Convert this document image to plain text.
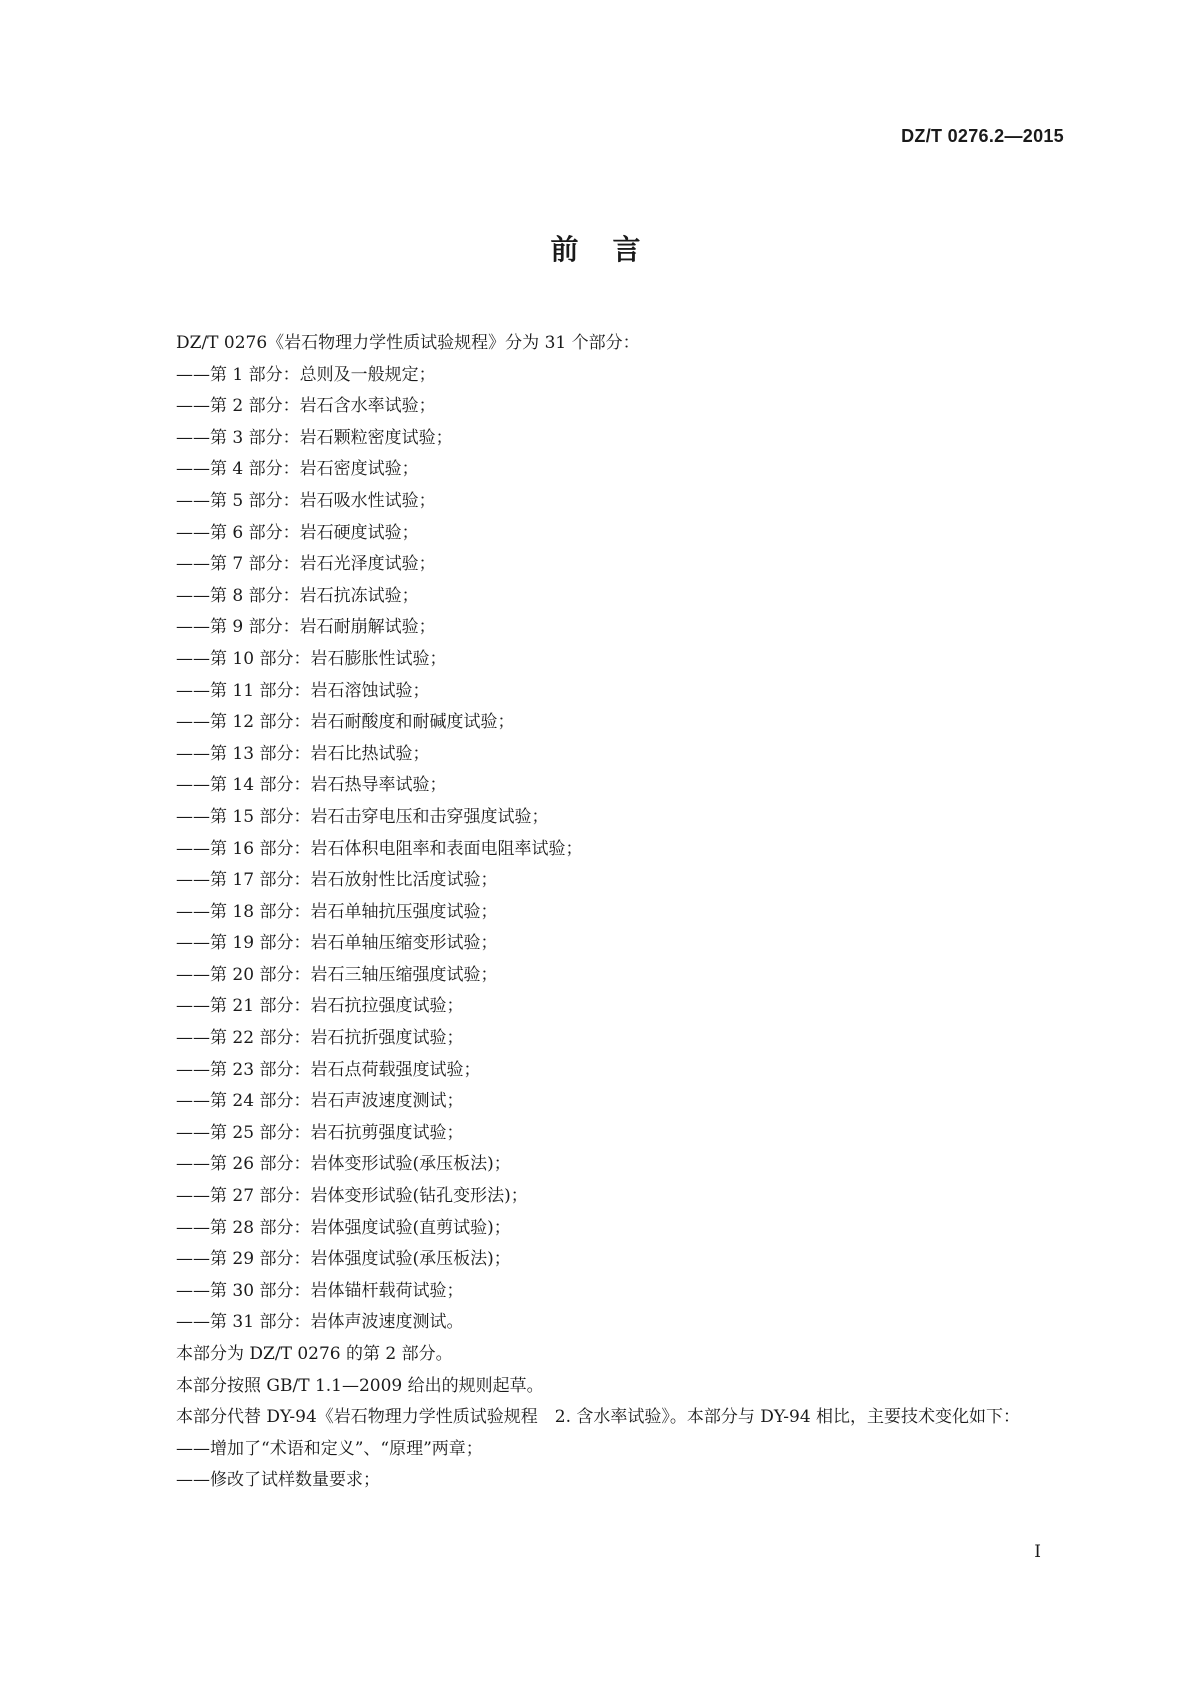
DZ/T 0276.2—2015
前言
DZ/T 0276《岩石物理力学性质试验规程》分为 31 个部分：
——第 1 部分：总则及一般规定；
——第 2 部分：岩石含水率试验；
——第 3 部分：岩石颗粒密度试验；
——第 4 部分：岩石密度试验；
——第 5 部分：岩石吸水性试验；
——第 6 部分：岩石硬度试验；
——第 7 部分：岩石光泽度试验；
——第 8 部分：岩石抗冻试验；
——第 9 部分：岩石耐崩解试验；
——第 10 部分：岩石膨胀性试验；
——第 11 部分：岩石溶蚀试验；
——第 12 部分：岩石耐酸度和耐碱度试验；
——第 13 部分：岩石比热试验；
——第 14 部分：岩石热导率试验；
——第 15 部分：岩石击穿电压和击穿强度试验；
——第 16 部分：岩石体积电阻率和表面电阻率试验；
——第 17 部分：岩石放射性比活度试验；
——第 18 部分：岩石单轴抗压强度试验；
——第 19 部分：岩石单轴压缩变形试验；
——第 20 部分：岩石三轴压缩强度试验；
——第 21 部分：岩石抗拉强度试验；
——第 22 部分：岩石抗折强度试验；
——第 23 部分：岩石点荷载强度试验；
——第 24 部分：岩石声波速度测试；
——第 25 部分：岩石抗剪强度试验；
——第 26 部分：岩体变形试验(承压板法)；
——第 27 部分：岩体变形试验(钻孔变形法)；
——第 28 部分：岩体强度试验(直剪试验)；
——第 29 部分：岩体强度试验(承压板法)；
——第 30 部分：岩体锚杆载荷试验；
——第 31 部分：岩体声波速度测试。
本部分为 DZ/T 0276 的第 2 部分。
本部分按照 GB/T 1.1—2009 给出的规则起草。
本部分代替 DY-94《岩石物理力学性质试验规程　2. 含水率试验》。本部分与 DY-94 相比，主要技术变化如下：
——增加了“术语和定义”、“原理”两章；
——修改了试样数量要求；
I
